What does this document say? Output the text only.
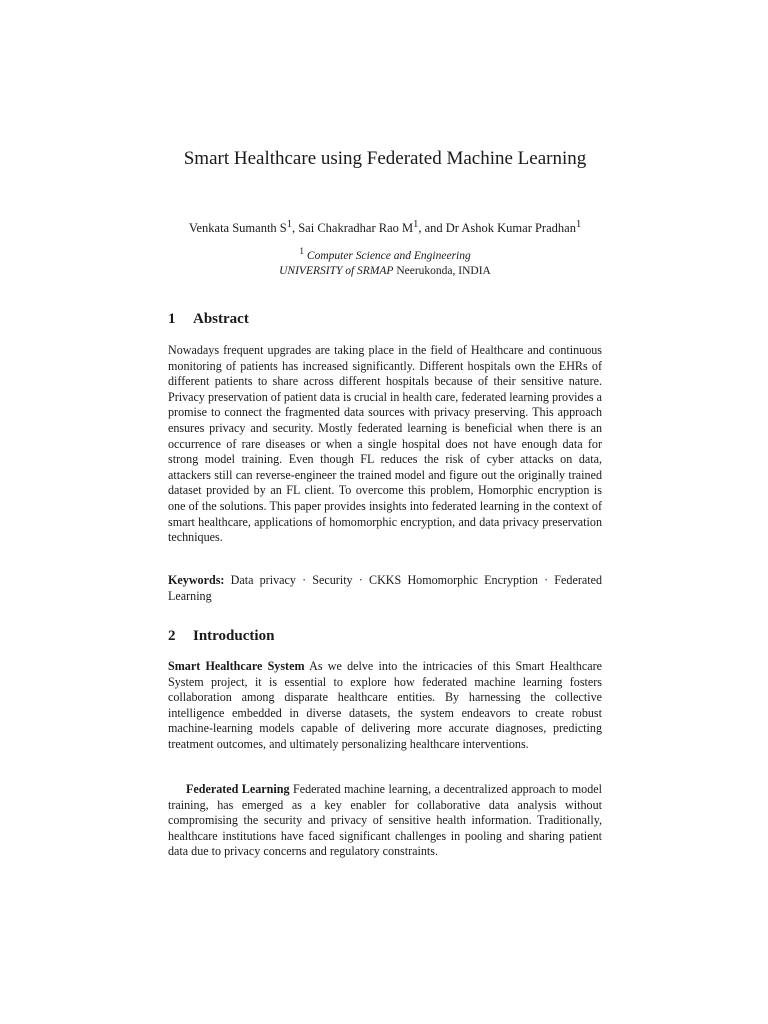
Smart Healthcare using Federated Machine Learning
Venkata Sumanth $S^1$, Sai Chakradhar Rao $M^1$, and Dr Ashok Kumar Pradhan$^1$
$^1$ Computer Science and Engineering
UNIVERSITY of SRMAP Neerukonda, INDIA
1 Abstract

Nowadays frequent upgrades are taking place in the field of Healthcare and continuous monitoring of patients has increased significantly. Different hospitals own the EHRs of different patients to share across different hospitals because of their sensitive nature. Privacy preservation of patient data is crucial in health care, federated learning provides a promise to connect the fragmented data sources with privacy preserving. This approach ensures privacy and security. Mostly federated learning is beneficial when there is an occurrence of rare diseases or when a single hospital does not have enough data for strong model training. Even though FL reduces the risk of cyber attacks on data, attackers still can reverse-engineer the trained model and figure out the originally trained dataset provided by an FL client. To overcome this problem, Homorphic encryption is one of the solutions. This paper provides insights into federated learning in the context of smart healthcare, applications of homomorphic encryption, and data privacy preservation techniques.

Keywords: Data privacy · Security · CKKS Homomorphic Encryption · Federated Learning

2 Introduction

Smart Healthcare System As we delve into the intricacies of this Smart Healthcare System project, it is essential to explore how federated machine learning fosters collaboration among disparate healthcare entities. By harnessing the collective intelligence embedded in diverse datasets, the system endeavors to create robust machine-learning models capable of delivering more accurate diagnoses, predicting treatment outcomes, and ultimately personalizing healthcare interventions.

Federated Learning Federated machine learning, a decentralized approach to model training, has emerged as a key enabler for collaborative data analysis without compromising the security and privacy of sensitive health information. Traditionally, healthcare institutions have faced significant challenges in pooling and sharing patient data due to privacy concerns and regulatory constraints.
